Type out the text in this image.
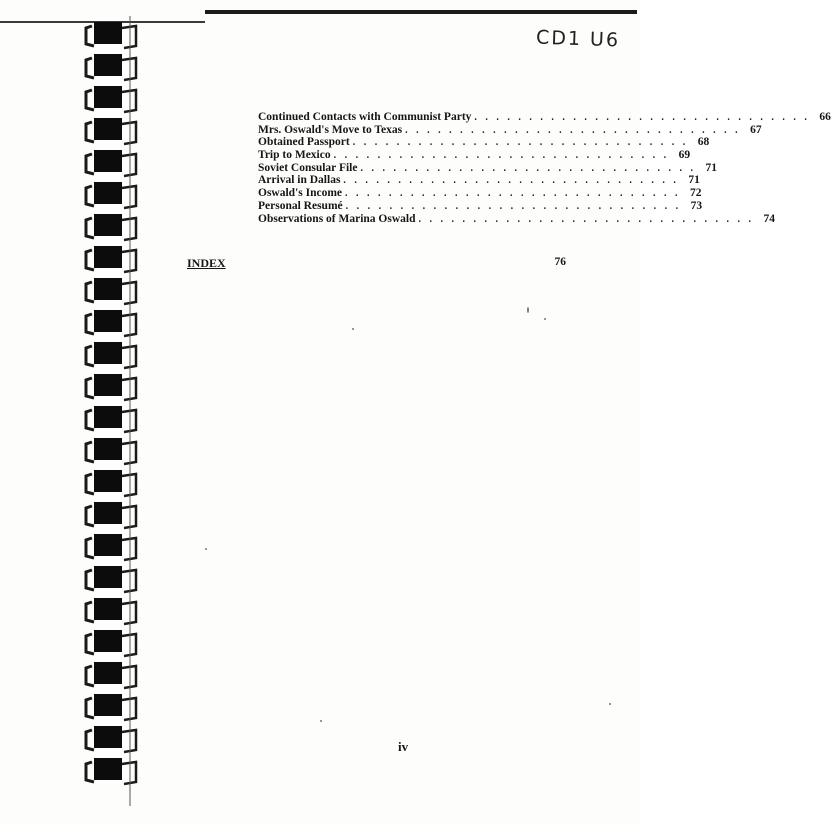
CD1 U6
Continued Contacts with Communist Party . . . . . . . . . . . . . . . . . . . . . . . . . . . . . . . 66
Mrs. Oswald's Move to Texas . . . . . . . . . . . . . . . . . . . . . . . . . . . . . . . 67
Obtained Passport . . . . . . . . . . . . . . . . . . . . . . . . . . . . . . . 68
Trip to Mexico . . . . . . . . . . . . . . . . . . . . . . . . . . . . . . . 69
Soviet Consular File . . . . . . . . . . . . . . . . . . . . . . . . . . . . . . . 71
Arrival in Dallas . . . . . . . . . . . . . . . . . . . . . . . . . . . . . . . 71
Oswald's Income . . . . . . . . . . . . . . . . . . . . . . . . . . . . . . . 72
Personal Resumé . . . . . . . . . . . . . . . . . . . . . . . . . . . . . . . 73
Observations of Marina Oswald . . . . . . . . . . . . . . . . . . . . . . . . . . . . . . . 74
INDEX	76
iv
